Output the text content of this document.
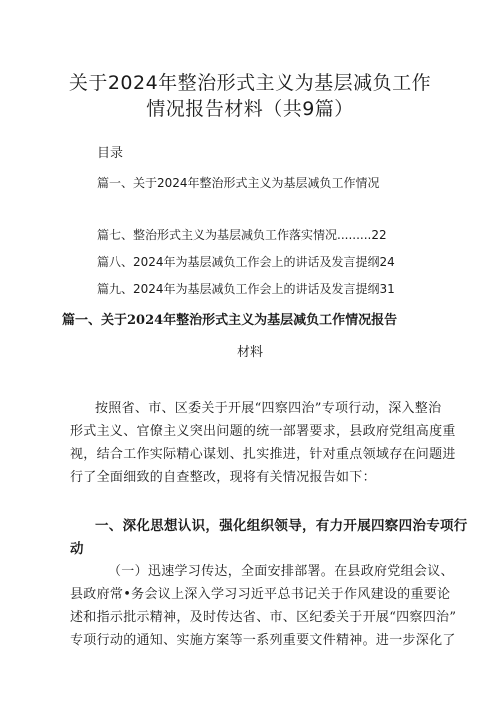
关于2024年整治形式主义为基层减负工作
情况报告材料（共9篇）
目录
篇一、关于2024年整治形式主义为基层减负工作情况
篇七、整治形式主义为基层减负工作落实情况.........22
篇八、2024年为基层减负工作会上的讲话及发言提纲24
篇九、2024年为基层减负工作会上的讲话及发言提纲31
篇一、关于2024年整治形式主义为基层减负工作情况报告
材料
按照省、市、区委关于开展“四察四治”专项行动，深入整治
形式主义、官僚主义突出问题的统一部署要求，县政府党组高度重
视，结合工作实际精心谋划、扎实推进，针对重点领域存在问题进
行了全面细致的自查整改，现将有关情况报告如下：
一、深化思想认识，强化组织领导，有力开展四察四治专项行
动
（一）迅速学习传达，全面安排部署。在县政府党组会议、
县政府常•务会议上深入学习习近平总书记关于作风建设的重要论
述和指示批示精神，及时传达省、市、区纪委关于开展“四察四治”
专项行动的通知、实施方案等一系列重要文件精神。进一步深化了
